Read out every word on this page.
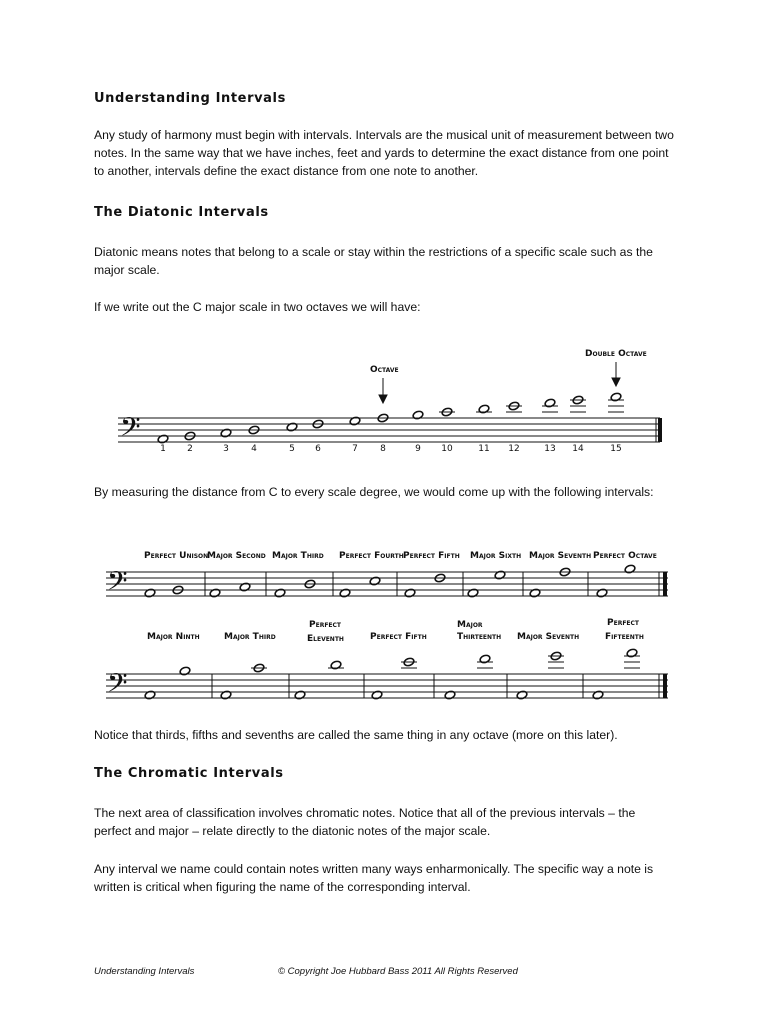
Understanding Intervals

Any study of harmony must begin with intervals. Intervals are the musical unit of measurement between two notes. In the same way that we have inches, feet and yards to determine the exact distance from one point to another, intervals define the exact distance from one note to another.

The Diatonic Intervals

Diatonic means notes that belong to a scale or stay within the restrictions of a specific scale such as the major scale.

If we write out the C major scale in two octaves we will have:

𝄢
Octave
Double Octave
1 2	3 4	5 6	7 8	9 10	11 12	13 14	15

By measuring the distance from C to every scale degree, we would come up with the following intervals:

𝄢
Perfect Unison
Major Second Major Third Perfect Fourth Perfect Fifth Major Sixth Major Seventh Perfect Octave
𝄢
Major Ninth	Major Third
Perfect
Eleventh	Perfect Fifth
Major
Thirteenth Major Seventh
Perfect
Fifteenth

Notice that thirds, fifths and sevenths are called the same thing in any octave (more on this later).

The Chromatic Intervals

The next area of classification involves chromatic notes. Notice that all of the previous intervals – the perfect and major – relate directly to the diatonic notes of the major scale.

Any interval we name could contain notes written many ways enharmonically. The specific way a note is written is critical when figuring the name of the corresponding interval.

Understanding Intervals	© Copyright Joe Hubbard Bass 2011 All Rights Reserved
